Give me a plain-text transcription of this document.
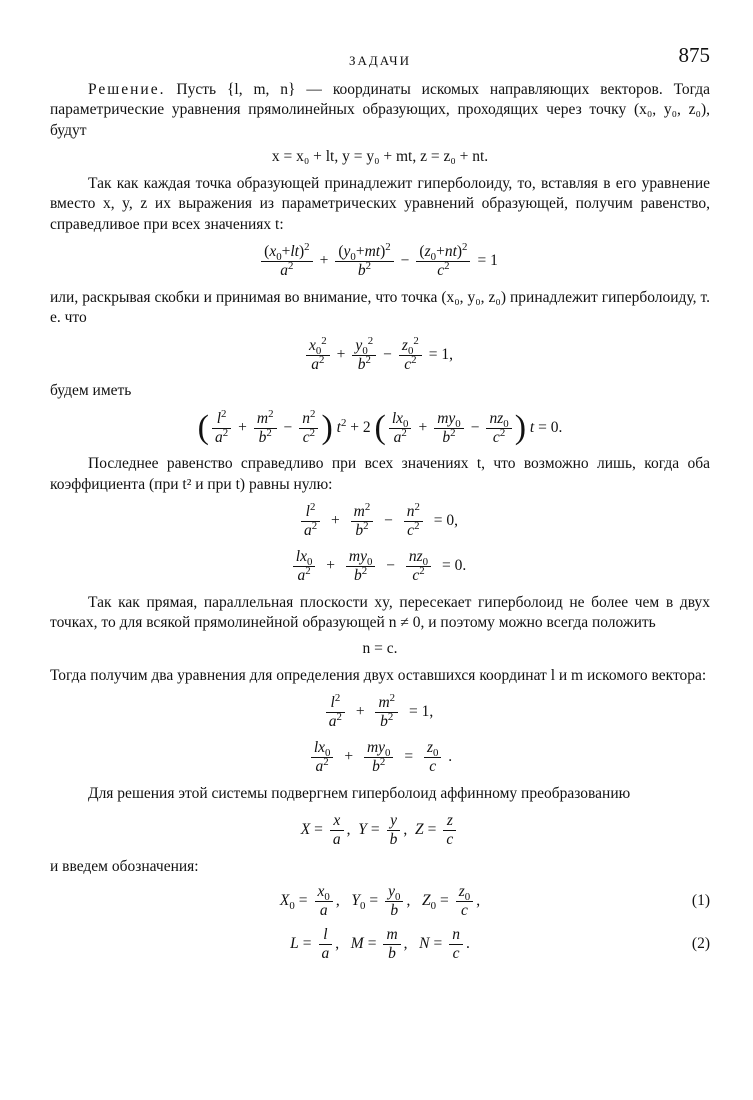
ЗАДАЧИ	875

Решение. Пусть {l, m, n} — координаты искомых направляющих векторов. Тогда параметрические уравнения прямолинейных образующих, проходящих через точку (x₀, y₀, z₀), будут

x = x₀ + lt, y = y₀ + mt, z = z₀ + nt.

Так как каждая точка образующей принадлежит гиперболоиду, то, вставляя в его уравнение вместо x, y, z их выражения из параметрических уравнений образующей, получим равенство, справедливое при всех значениях t:

$\frac{(x_0+lt)^2}{a^2} + \frac{(y_0+mt)^2}{b^2} - \frac{(z_0+nt)^2}{c^2} = 1$

или, раскрывая скобки и принимая во внимание, что точка (x₀, y₀, z₀) принадлежит гиперболоиду, т. е. что

$\frac{x_0^2}{a^2} + \frac{y_0^2}{b^2} - \frac{z_0^2}{c^2} = 1$,

будем иметь

( $\frac{l^2}{a^2} + \frac{m^2}{b^2} - \frac{n^2}{c^2}$ ) $t^2 + 2$ ( $\frac{lx_0}{a^2} + \frac{my_0}{b^2} - \frac{nz_0}{c^2}$ ) t = 0.

Последнее равенство справедливо при всех значениях t, что возможно лишь, когда оба коэффициента (при t² и при t) равны нулю:

$\frac{l^2}{a^2} + \frac{m^2}{b^2} - \frac{n^2}{c^2} = 0$,
$\frac{lx_0}{a^2} + \frac{my_0}{b^2} - \frac{nz_0}{c^2} = 0$.

Так как прямая, параллельная плоскости xy, пересекает гиперболоид не более чем в двух точках, то для всякой прямолинейной образующей n ≠ 0, и поэтому можно всегда положить

n = c.

Тогда получим два уравнения для определения двух оставшихся координат l и m искомого вектора:

$\frac{l^2}{a^2} + \frac{m^2}{b^2} = 1$,
$\frac{lx_0}{a^2} + \frac{my_0}{b^2} = \frac{z_0}{c}$ .

Для решения этой системы подвергнем гиперболоид аффинному преобразованию

$X = \frac{x}{a}$ , $Y = \frac{y}{b}$ , $Z = \frac{z}{c}$

и введем обозначения:

$X_0 = \frac{x_0}{a}$ ,   $Y_0 = \frac{y_0}{b}$ ,   $Z_0 = \frac{z_0}{c}$ ,	(1)
$L = \frac{l}{a}$ ,   $M = \frac{m}{b}$ ,   $N = \frac{n}{c}$ .	(2)
